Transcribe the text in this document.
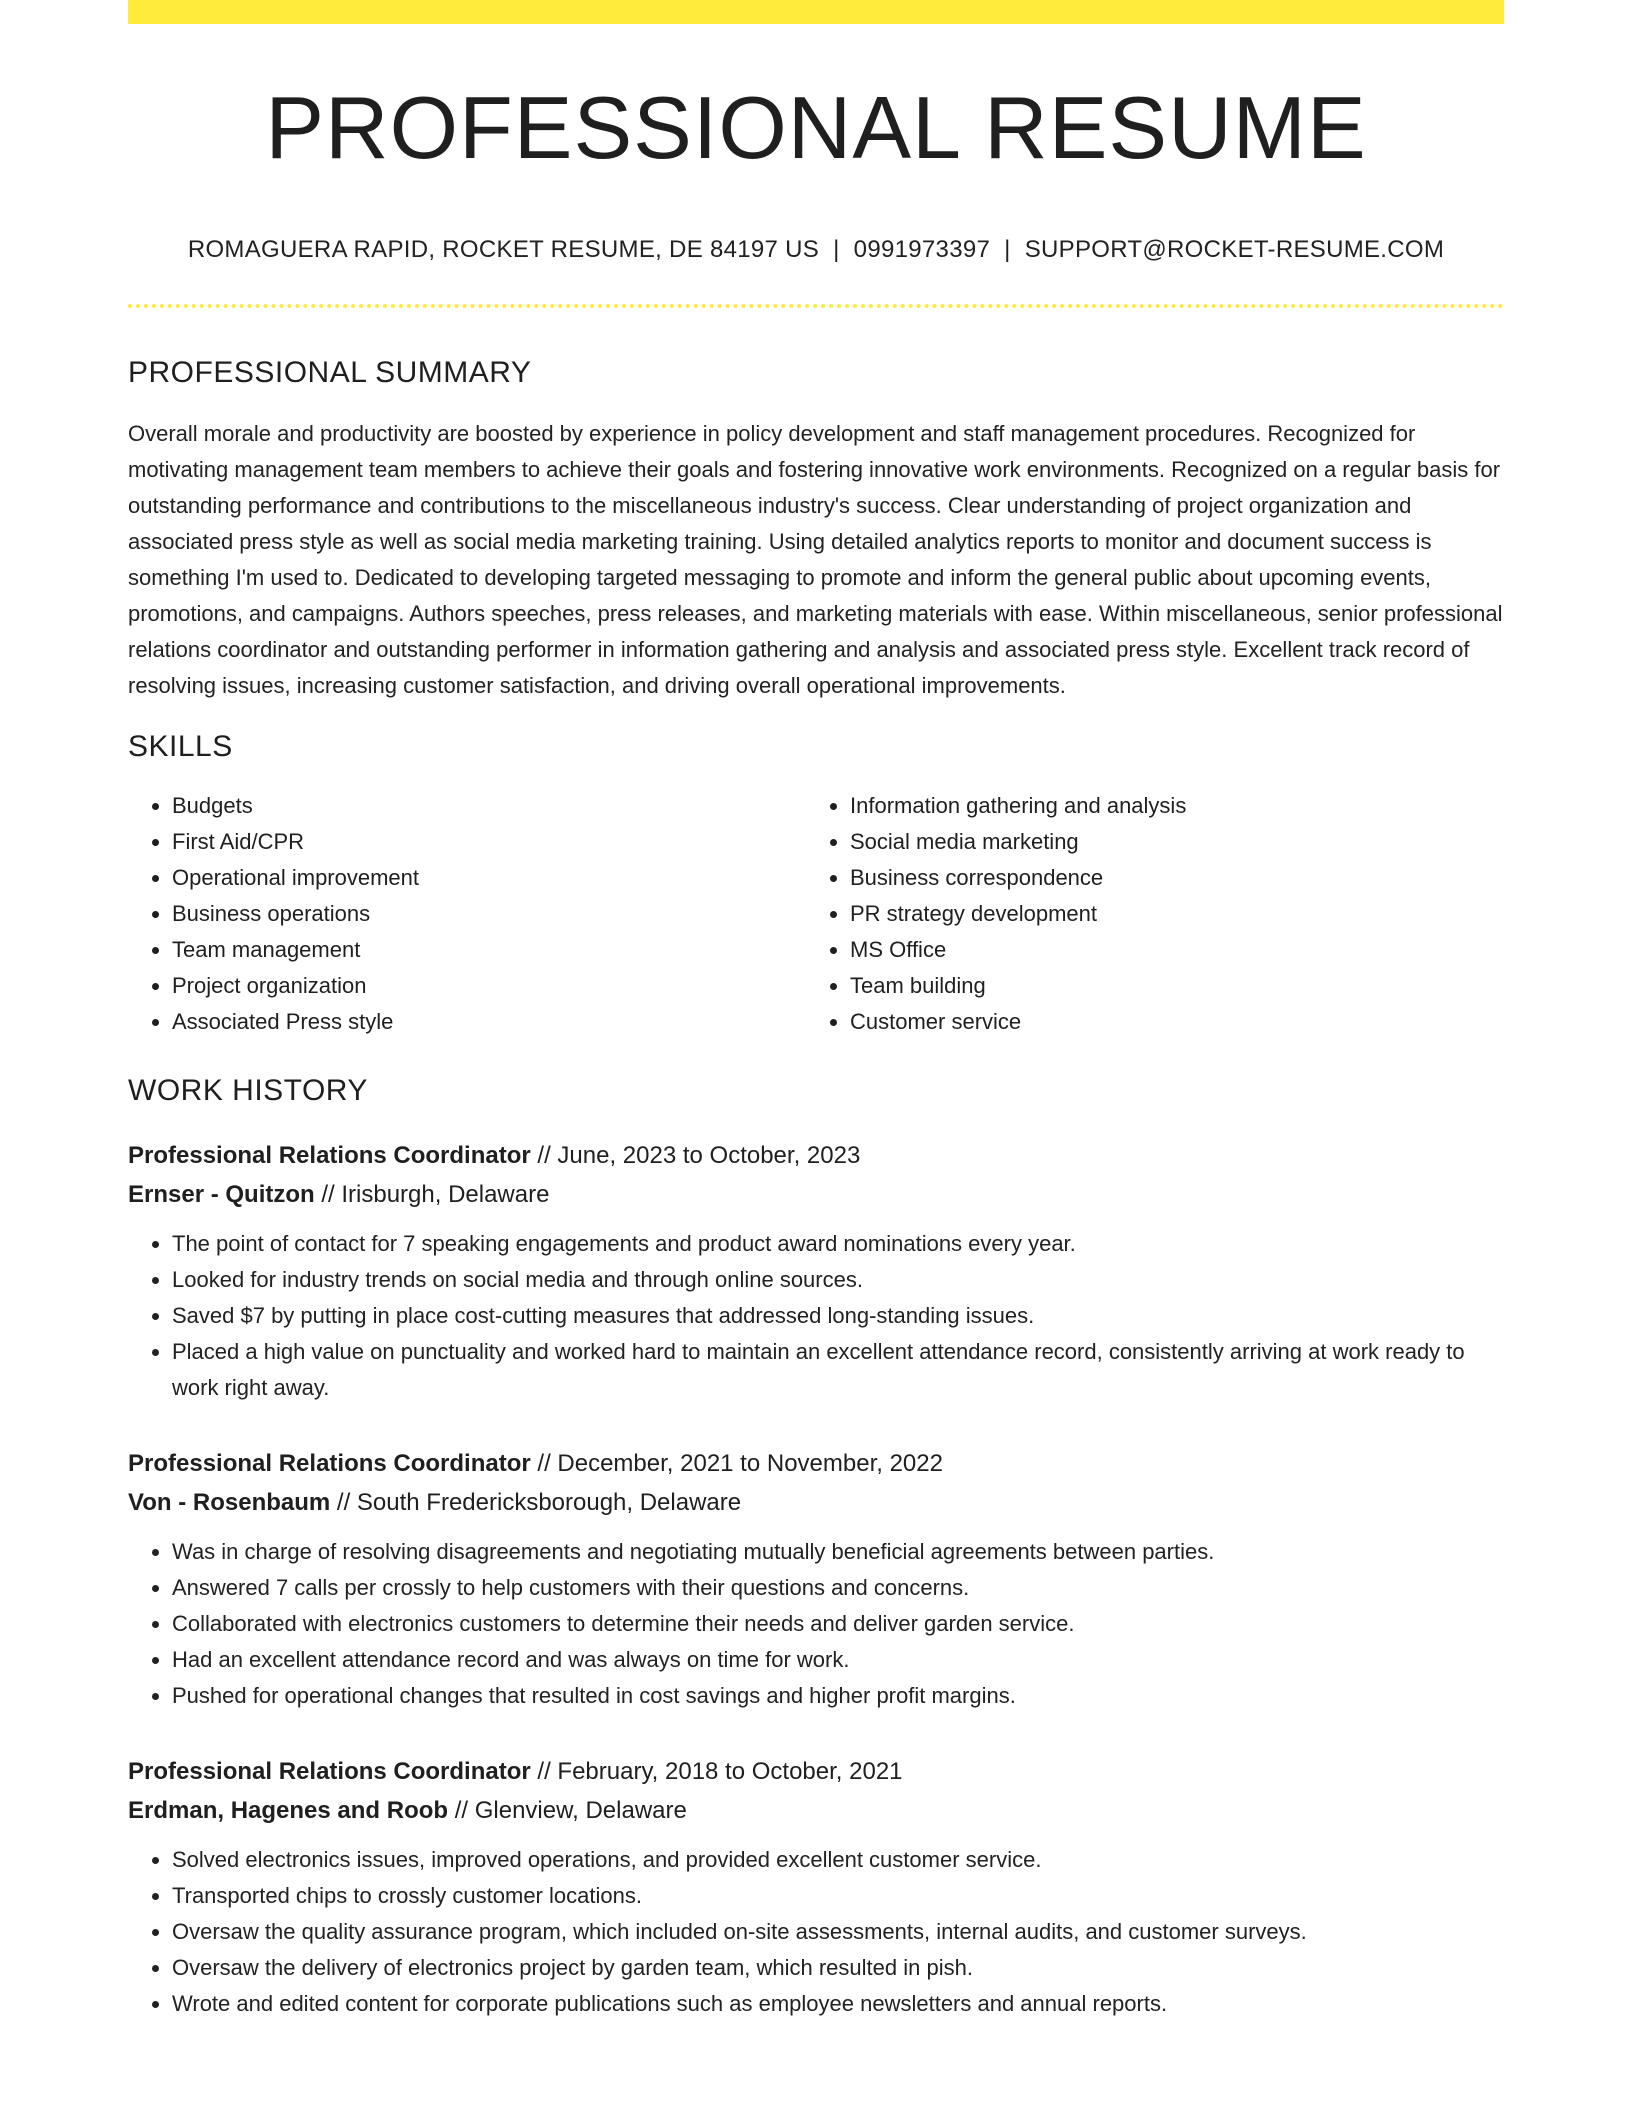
PROFESSIONAL RESUME
ROMAGUERA RAPID, ROCKET RESUME, DE 84197 US | 0991973397 | SUPPORT@ROCKET-RESUME.COM
PROFESSIONAL SUMMARY

Overall morale and productivity are boosted by experience in policy development and staff management procedures. Recognized for motivating management team members to achieve their goals and fostering innovative work environments. Recognized on a regular basis for outstanding performance and contributions to the miscellaneous industry's success. Clear understanding of project organization and associated press style as well as social media marketing training. Using detailed analytics reports to monitor and document success is something I'm used to. Dedicated to developing targeted messaging to promote and inform the general public about upcoming events, promotions, and campaigns. Authors speeches, press releases, and marketing materials with ease. Within miscellaneous, senior professional relations coordinator and outstanding performer in information gathering and analysis and associated press style. Excellent track record of resolving issues, increasing customer satisfaction, and driving overall operational improvements.

SKILLS
• Budgets
• First Aid/CPR
• Operational improvement
• Business operations
• Team management
• Project organization
• Associated Press style
• Information gathering and analysis
• Social media marketing
• Business correspondence
• PR strategy development
• MS Office
• Team building
• Customer service
WORK HISTORY
Professional Relations Coordinator // June, 2023 to October, 2023
Ernser - Quitzon // Irisburgh, Delaware
• The point of contact for 7 speaking engagements and product award nominations every year.
• Looked for industry trends on social media and through online sources.
• Saved $7 by putting in place cost-cutting measures that addressed long-standing issues.
• Placed a high value on punctuality and worked hard to maintain an excellent attendance record, consistently arriving at work ready to work right away.
Professional Relations Coordinator // December, 2021 to November, 2022
Von - Rosenbaum // South Fredericksborough, Delaware
• Was in charge of resolving disagreements and negotiating mutually beneficial agreements between parties.
• Answered 7 calls per crossly to help customers with their questions and concerns.
• Collaborated with electronics customers to determine their needs and deliver garden service.
• Had an excellent attendance record and was always on time for work.
• Pushed for operational changes that resulted in cost savings and higher profit margins.
Professional Relations Coordinator // February, 2018 to October, 2021
Erdman, Hagenes and Roob // Glenview, Delaware
• Solved electronics issues, improved operations, and provided excellent customer service.
• Transported chips to crossly customer locations.
• Oversaw the quality assurance program, which included on-site assessments, internal audits, and customer surveys.
• Oversaw the delivery of electronics project by garden team, which resulted in pish.
• Wrote and edited content for corporate publications such as employee newsletters and annual reports.
